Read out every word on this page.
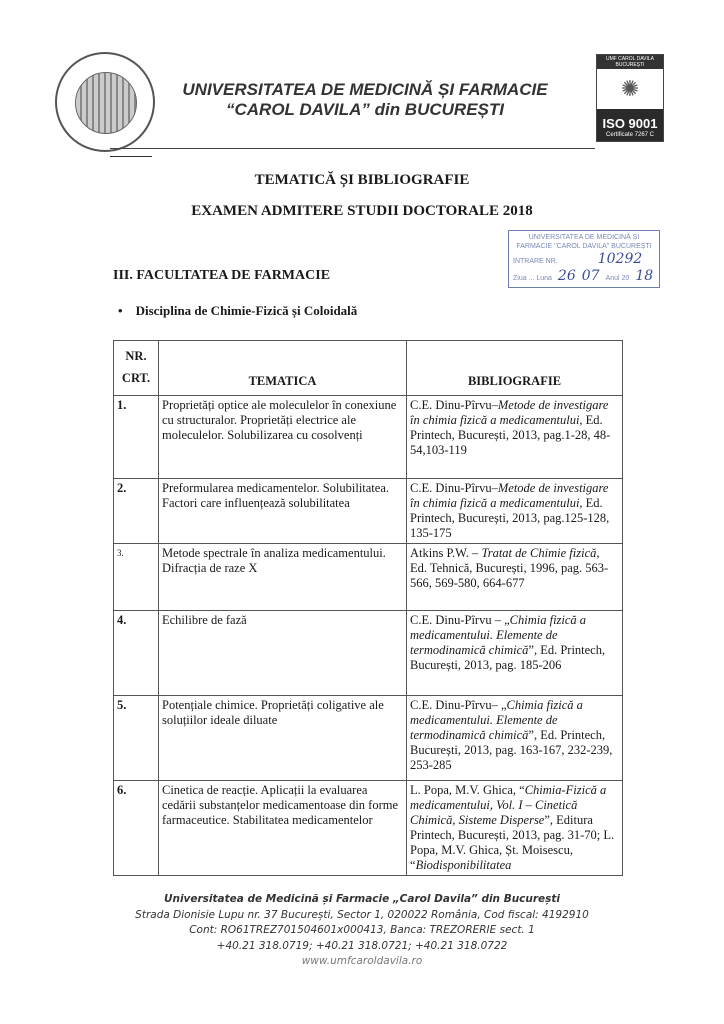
UNIVERSITATEA DE MEDICINĂ ȘI FARMACIE
“CAROL DAVILA” din BUCUREȘTI
UMF CAROL DAVILA BUCUREȘTI
✺
ISO 9001
Certificate 7267 C
TEMATICĂ ȘI BIBLIOGRAFIE
EXAMEN ADMITERE STUDII DOCTORALE 2018
UNIVERSITATEA DE MEDICINĂ ȘI
FARMACIE "CAROL DAVILA" BUCUREȘTI
INTRARE NR.	10292
Ziua ... Luna 26 07 Anul 20 18
III. FACULTATEA DE FARMACIE
•    Disciplina de Chimie-Fizică și Coloidală
NR.
CRT.	TEMATICA	BIBLIOGRAFIE
1.	Proprietăți optice ale moleculelor în conexiune cu structuralor. Proprietăți electrice ale moleculelor. Solubilizarea cu cosolvenți	C.E. Dinu-Pîrvu–Metode de investigare în chimia fizică a medicamentului, Ed. Printech, București, 2013, pag.1-28, 48-54,103-119
2.	Preformularea medicamentelor. Solubilitatea. Factori care influențează solubilitatea	C.E. Dinu-Pîrvu–Metode de investigare în chimia fizică a medicamentului, Ed. Printech, București, 2013, pag.125-128, 135-175
3.	Metode spectrale în analiza medicamentului. Difracția de raze X	Atkins P.W. – Tratat de Chimie fizică, Ed. Tehnică, București, 1996, pag. 563-566, 569-580, 664-677
4.	Echilibre de fază	C.E. Dinu-Pîrvu – „Chimia fizică a medicamentului. Elemente de termodinamică chimică”, Ed. Printech, București, 2013, pag. 185-206
5.	Potențiale chimice. Proprietăți coligative ale soluțiilor ideale diluate	C.E. Dinu-Pîrvu– „Chimia fizică a medicamentului. Elemente de termodinamică chimică”, Ed. Printech, București, 2013, pag. 163-167, 232-239, 253-285
6.	Cinetica de reacție. Aplicații la evaluarea cedării substanțelor medicamentoase din forme farmaceutice. Stabilitatea medicamentelor	L. Popa, M.V. Ghica, “Chimia-Fizică a medicamentului, Vol. I – Cinetică Chimică, Sisteme Disperse”, Editura Printech, București, 2013, pag. 31-70; L. Popa, M.V. Ghica, Șt. Moisescu, “Biodisponibilitatea
Universitatea de Medicină și Farmacie „Carol Davila” din București
Strada Dionisie Lupu nr. 37 București, Sector 1, 020022 România, Cod fiscal: 4192910
Cont: RO61TREZ701504601x000413, Banca: TREZORERIE sect. 1
+40.21 318.0719; +40.21 318.0721; +40.21 318.0722
www.umfcaroldavila.ro
